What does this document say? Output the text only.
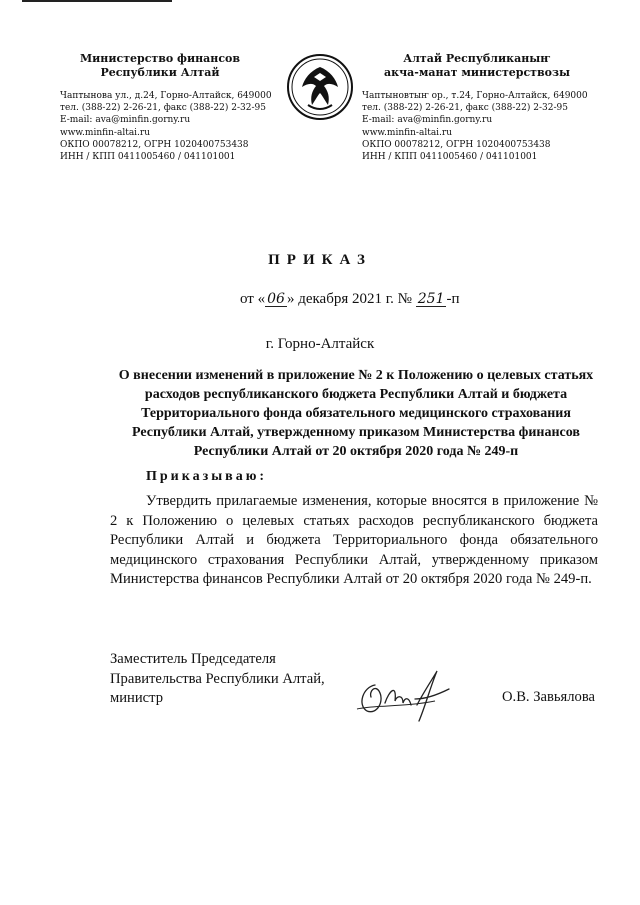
Министерство финансов
Республики Алтай
Чаптынова ул., д.24, Горно-Алтайск, 649000
тел. (388-22) 2-26-21, факс (388-22) 2-32-95
E-mail: ava@minfin.gorny.ru
www.minfin-altai.ru
ОКПО 00078212, ОГРН 1020400753438
ИНН / КПП 0411005460 / 041101001
Алтай Республиканыҥ
акча-манат министерствозы
Чаптыновтыҥ ор., т.24, Горно-Алтайск, 649000
тел. (388-22) 2-26-21, факс (388-22) 2-32-95
E-mail: ava@minfin.gorny.ru
www.minfin-altai.ru
ОКПО 00078212, ОГРН 1020400753438
ИНН / КПП 0411005460 / 041101001
ПРИКАЗ
от « 06 » декабря 2021 г. № 251 -п
г. Горно-Алтайск
О внесении изменений в приложение № 2 к Положению о целевых статьях расходов республиканского бюджета Республики Алтай и бюджета Территориального фонда обязательного медицинского страхования Республики Алтай, утвержденному приказом Министерства финансов Республики Алтай от 20 октября 2020 года № 249-п
Приказываю:
Утвердить прилагаемые изменения, которые вносятся в приложение № 2 к Положению о целевых статьях расходов республиканского бюджета Республики Алтай и бюджета Территориального фонда обязательного медицинского страхования Республики Алтай, утвержденному приказом Министерства финансов Республики Алтай от 20 октября 2020 года № 249-п.
Заместитель Председателя
Правительства Республики Алтай,
министр	О.В. Завьялова
